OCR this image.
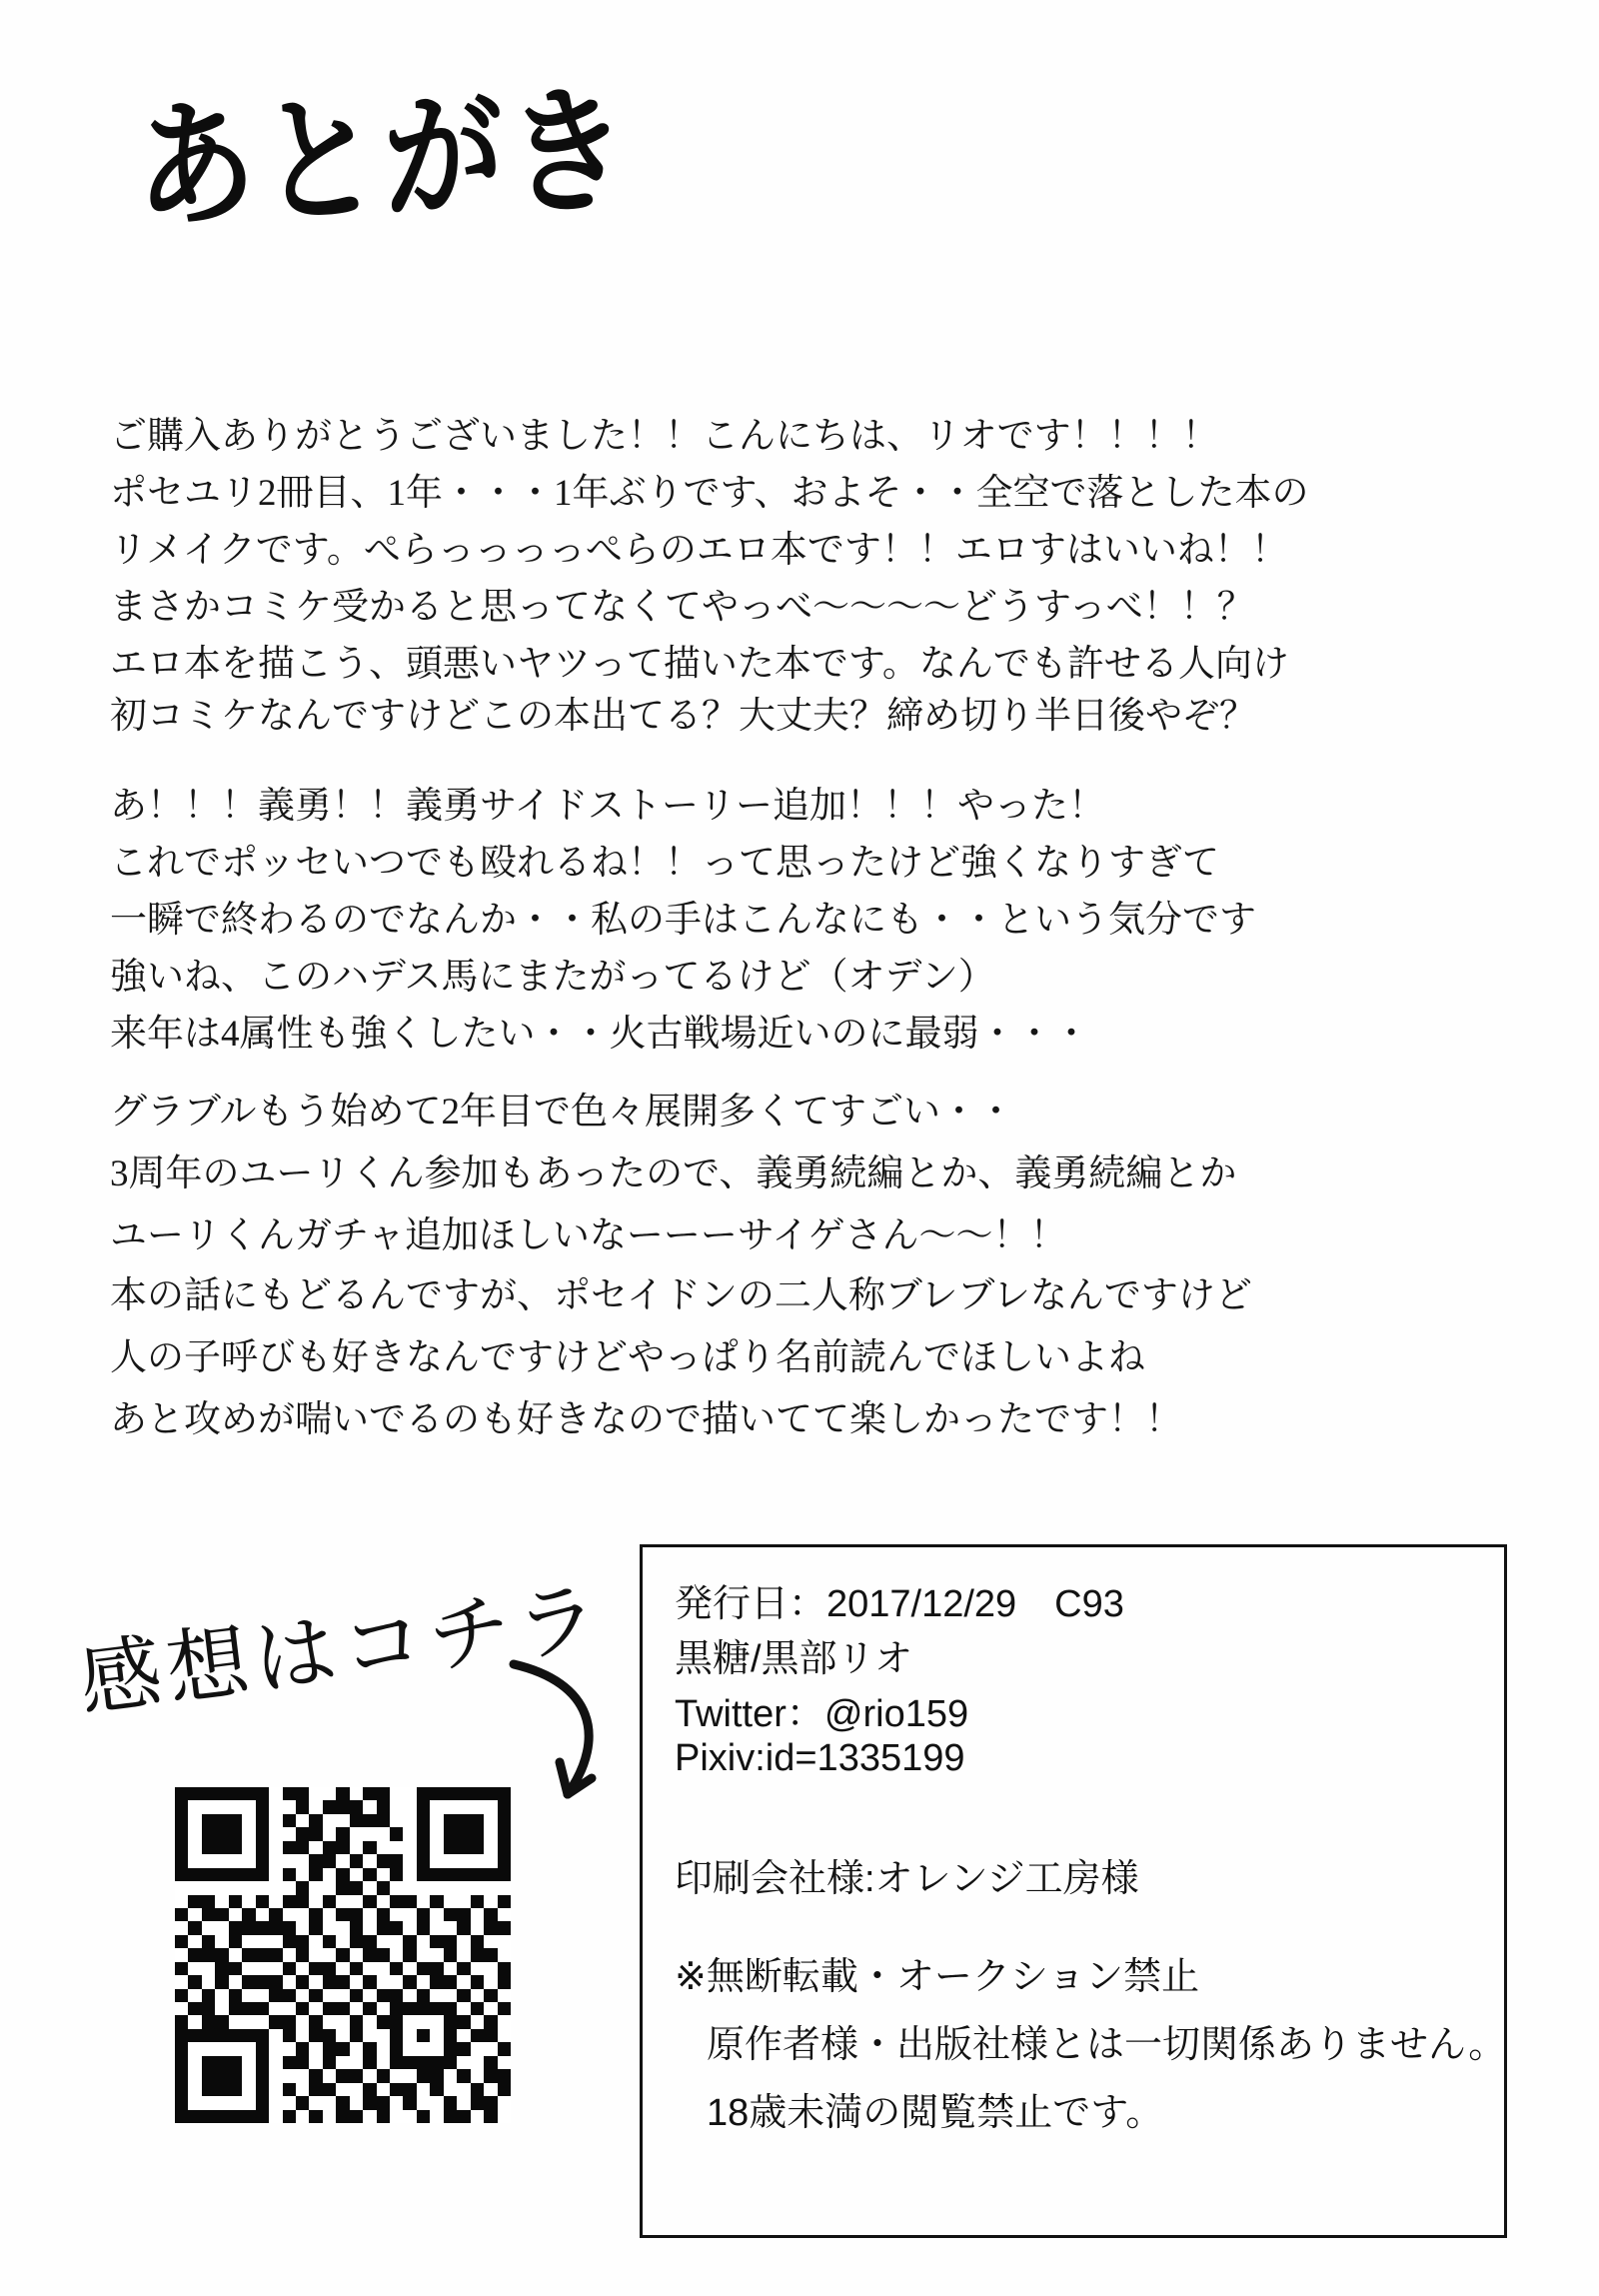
あとがき

ご購入ありがとうございました！！こんにちは、リオです！！！！
ポセユリ2冊目、1年・・・1年ぶりです、およそ・・全空で落とした本の
リメイクです。ぺらっっっっぺらのエロ本です！！エロすはいいね！！
まさかコミケ受かると思ってなくてやっべ～～～～どうすっべ！！？
エロ本を描こう、頭悪いヤツって描いた本です。なんでも許せる人向け

初コミケなんですけどこの本出てる？大丈夫？締め切り半日後やぞ？

あ！！！義勇！！義勇サイドストーリー追加！！！やった！
これでポッセいつでも殴れるね！！って思ったけど強くなりすぎて
一瞬で終わるのでなんか・・私の手はこんなにも・・という気分です
強いね、このハデス馬にまたがってるけど（オデン）
来年は4属性も強くしたい・・火古戦場近いのに最弱・・・

グラブルもう始めて2年目で色々展開多くてすごい・・
3周年のユーリくん参加もあったので、義勇続編とか、義勇続編とか
ユーリくんガチャ追加ほしいなーーーサイゲさん～～！！

本の話にもどるんですが、ポセイドンの二人称ブレブレなんですけど
人の子呼びも好きなんですけどやっぱり名前読んでほしいよね
あと攻めが喘いでるのも好きなので描いてて楽しかったです！！

感想はコチラ 発行日：2017/12/29　C93
黒糖/黒部リオ
Twitter：@rio159
Pixiv:id=1335199
印刷会社様:オレンジ工房様
※無断転載・オークション禁止
原作者様・出版社様とは一切関係ありません。
18歳未満の閲覧禁止です。
